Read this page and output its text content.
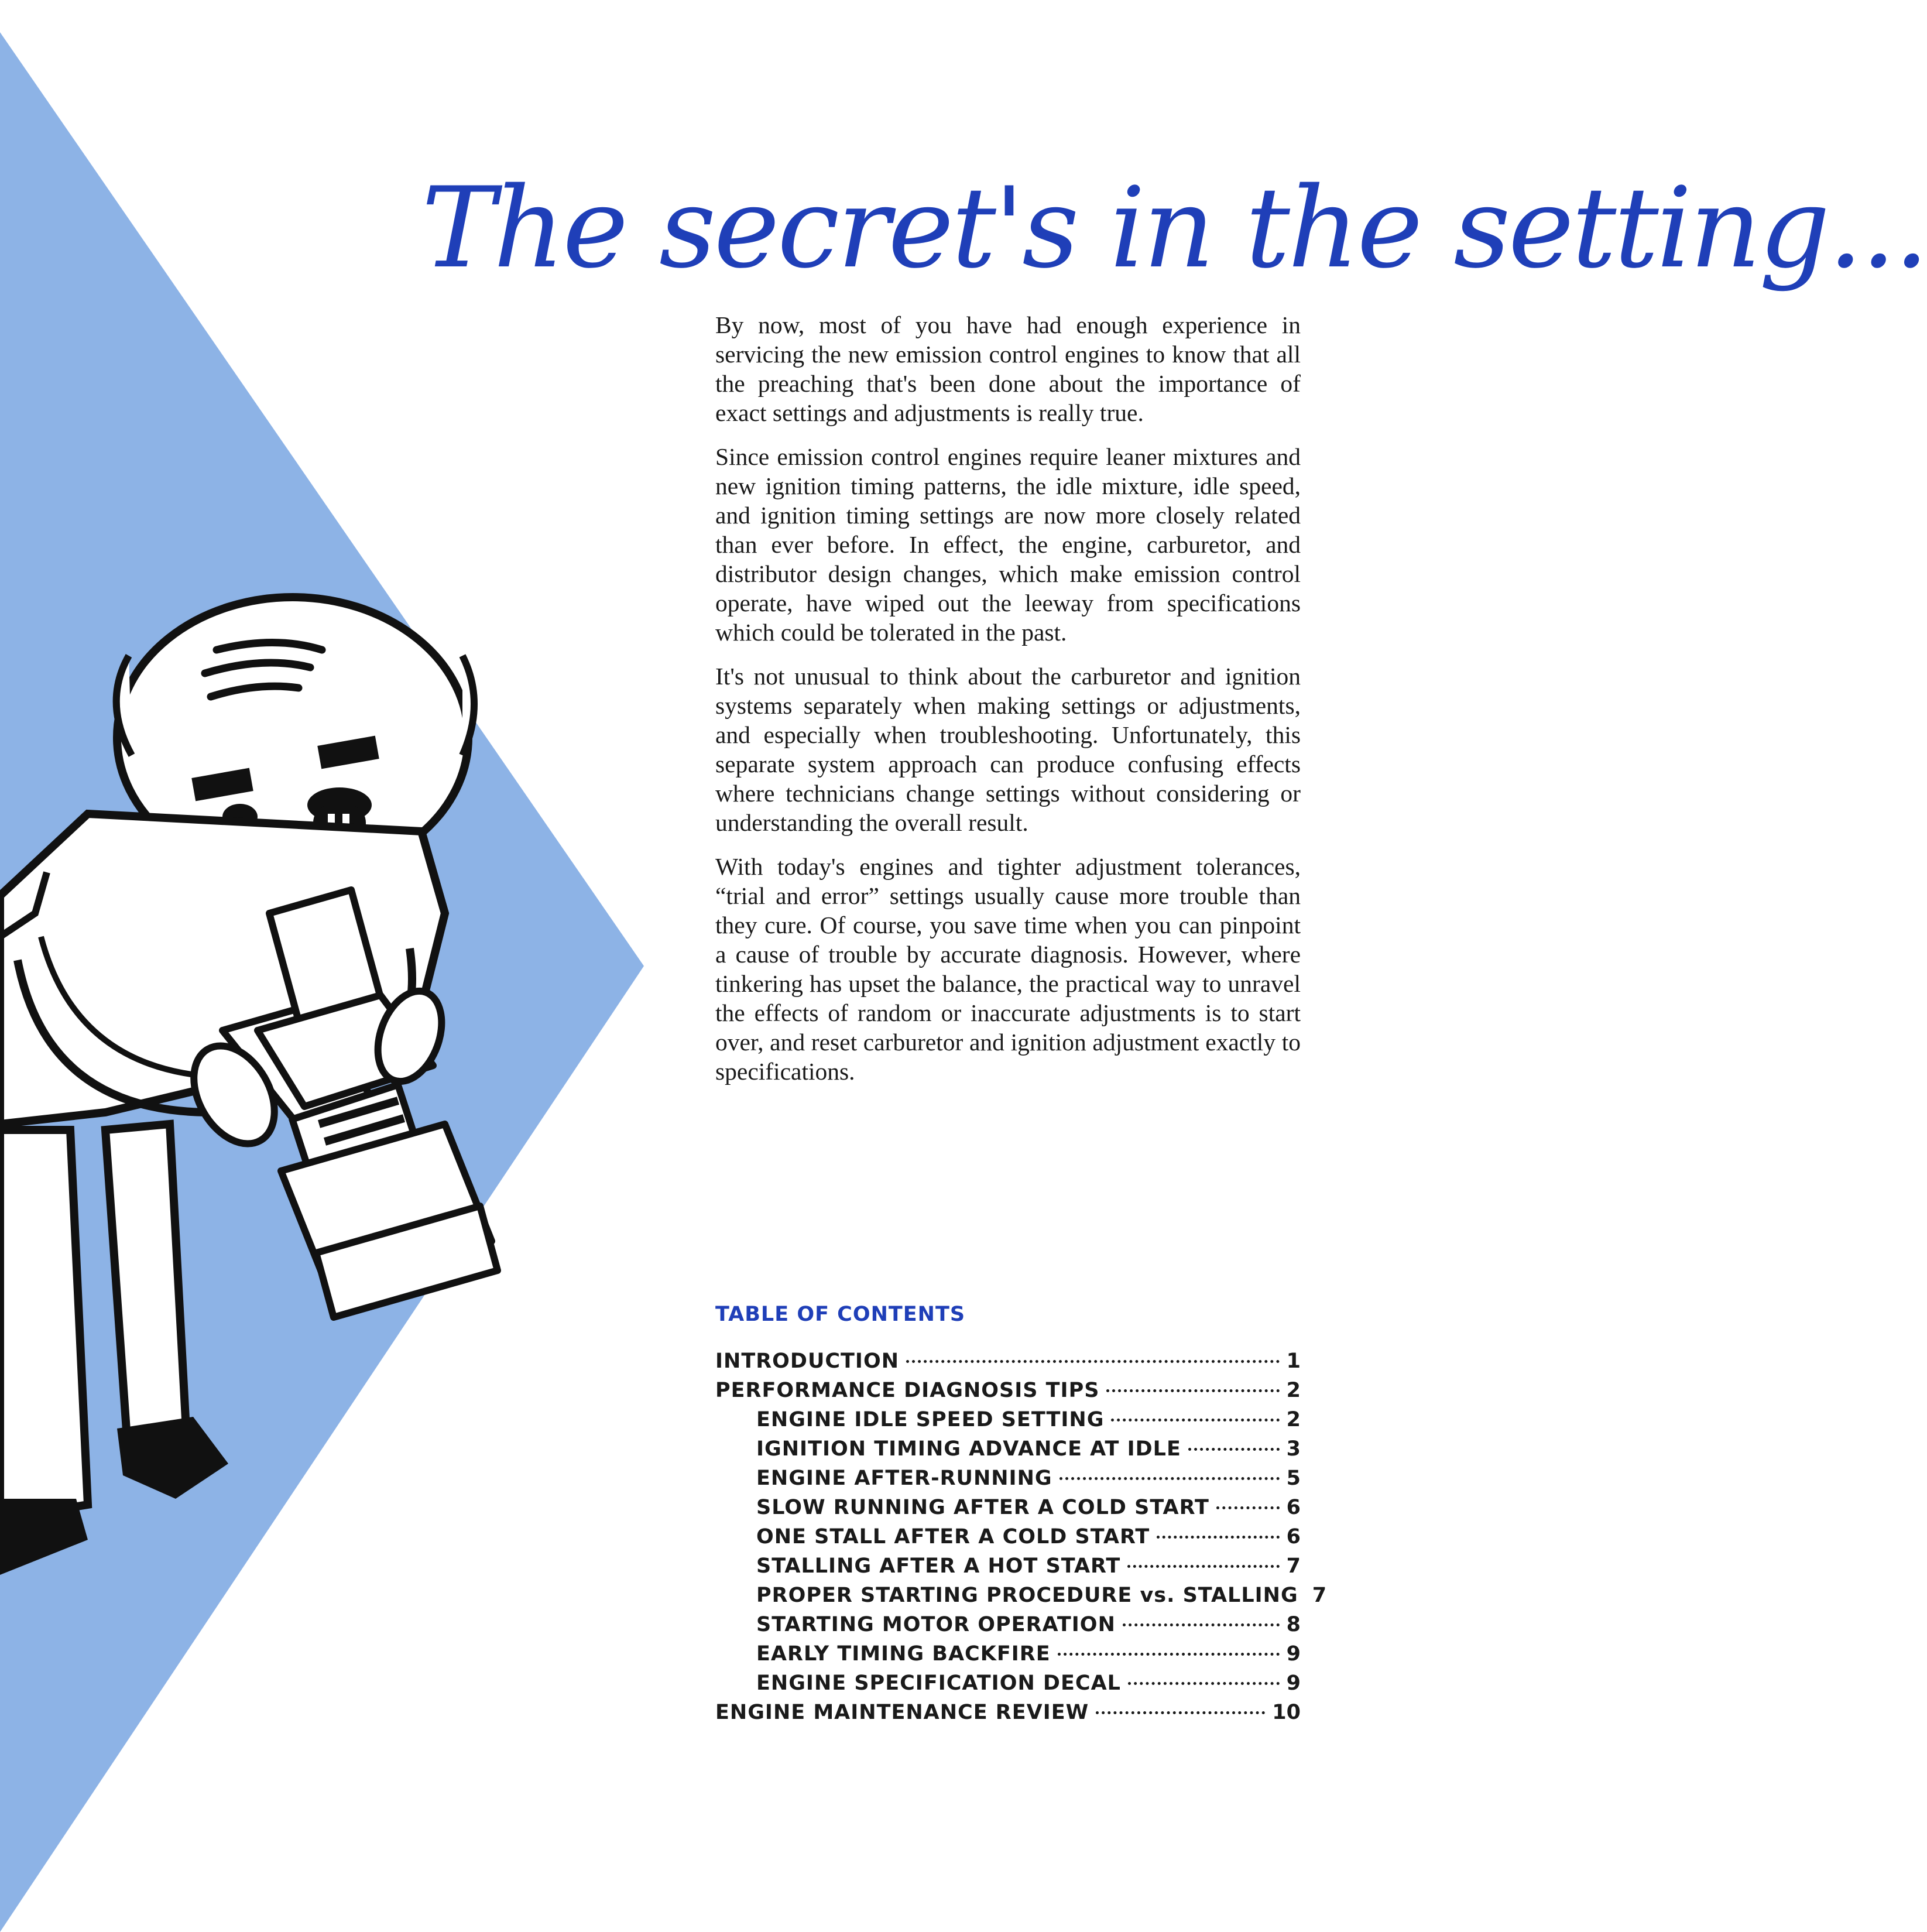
The secret's in the setting...

By now, most of you have had enough experience in servicing the new emission control engines to know that all the preaching that's been done about the importance of exact settings and adjustments is really true.

Since emission control engines require leaner mixtures and new ignition timing patterns, the idle mixture, idle speed, and ignition timing settings are now more closely related than ever before. In effect, the engine, carburetor, and distributor design changes, which make emission control operate, have wiped out the leeway from specifications which could be tolerated in the past.

It's not unusual to think about the carburetor and ignition systems separately when making settings or adjustments, and especially when troubleshooting. Unfortunately, this separate system approach can produce confusing effects where technicians change settings without considering or understanding the overall result.

With today's engines and tighter adjustment tolerances, “trial and error” settings usually cause more trouble than they cure. Of course, you save time when you can pinpoint a cause of trouble by accurate diagnosis. However, where tinkering has upset the balance, the practical way to unravel the effects of random or inaccurate adjustments is to start over, and reset carburetor and ignition adjustment exactly to specifications.

TABLE OF CONTENTS
INTRODUCTION	1
PERFORMANCE DIAGNOSIS TIPS	2
ENGINE IDLE SPEED SETTING	2
IGNITION TIMING ADVANCE AT IDLE	3
ENGINE AFTER-RUNNING	5
SLOW RUNNING AFTER A COLD START	6
ONE STALL AFTER A COLD START	6
STALLING AFTER A HOT START	7
PROPER STARTING PROCEDURE vs. STALLING 7
STARTING MOTOR OPERATION	8
EARLY TIMING BACKFIRE	9
ENGINE SPECIFICATION DECAL	9
ENGINE MAINTENANCE REVIEW	10
